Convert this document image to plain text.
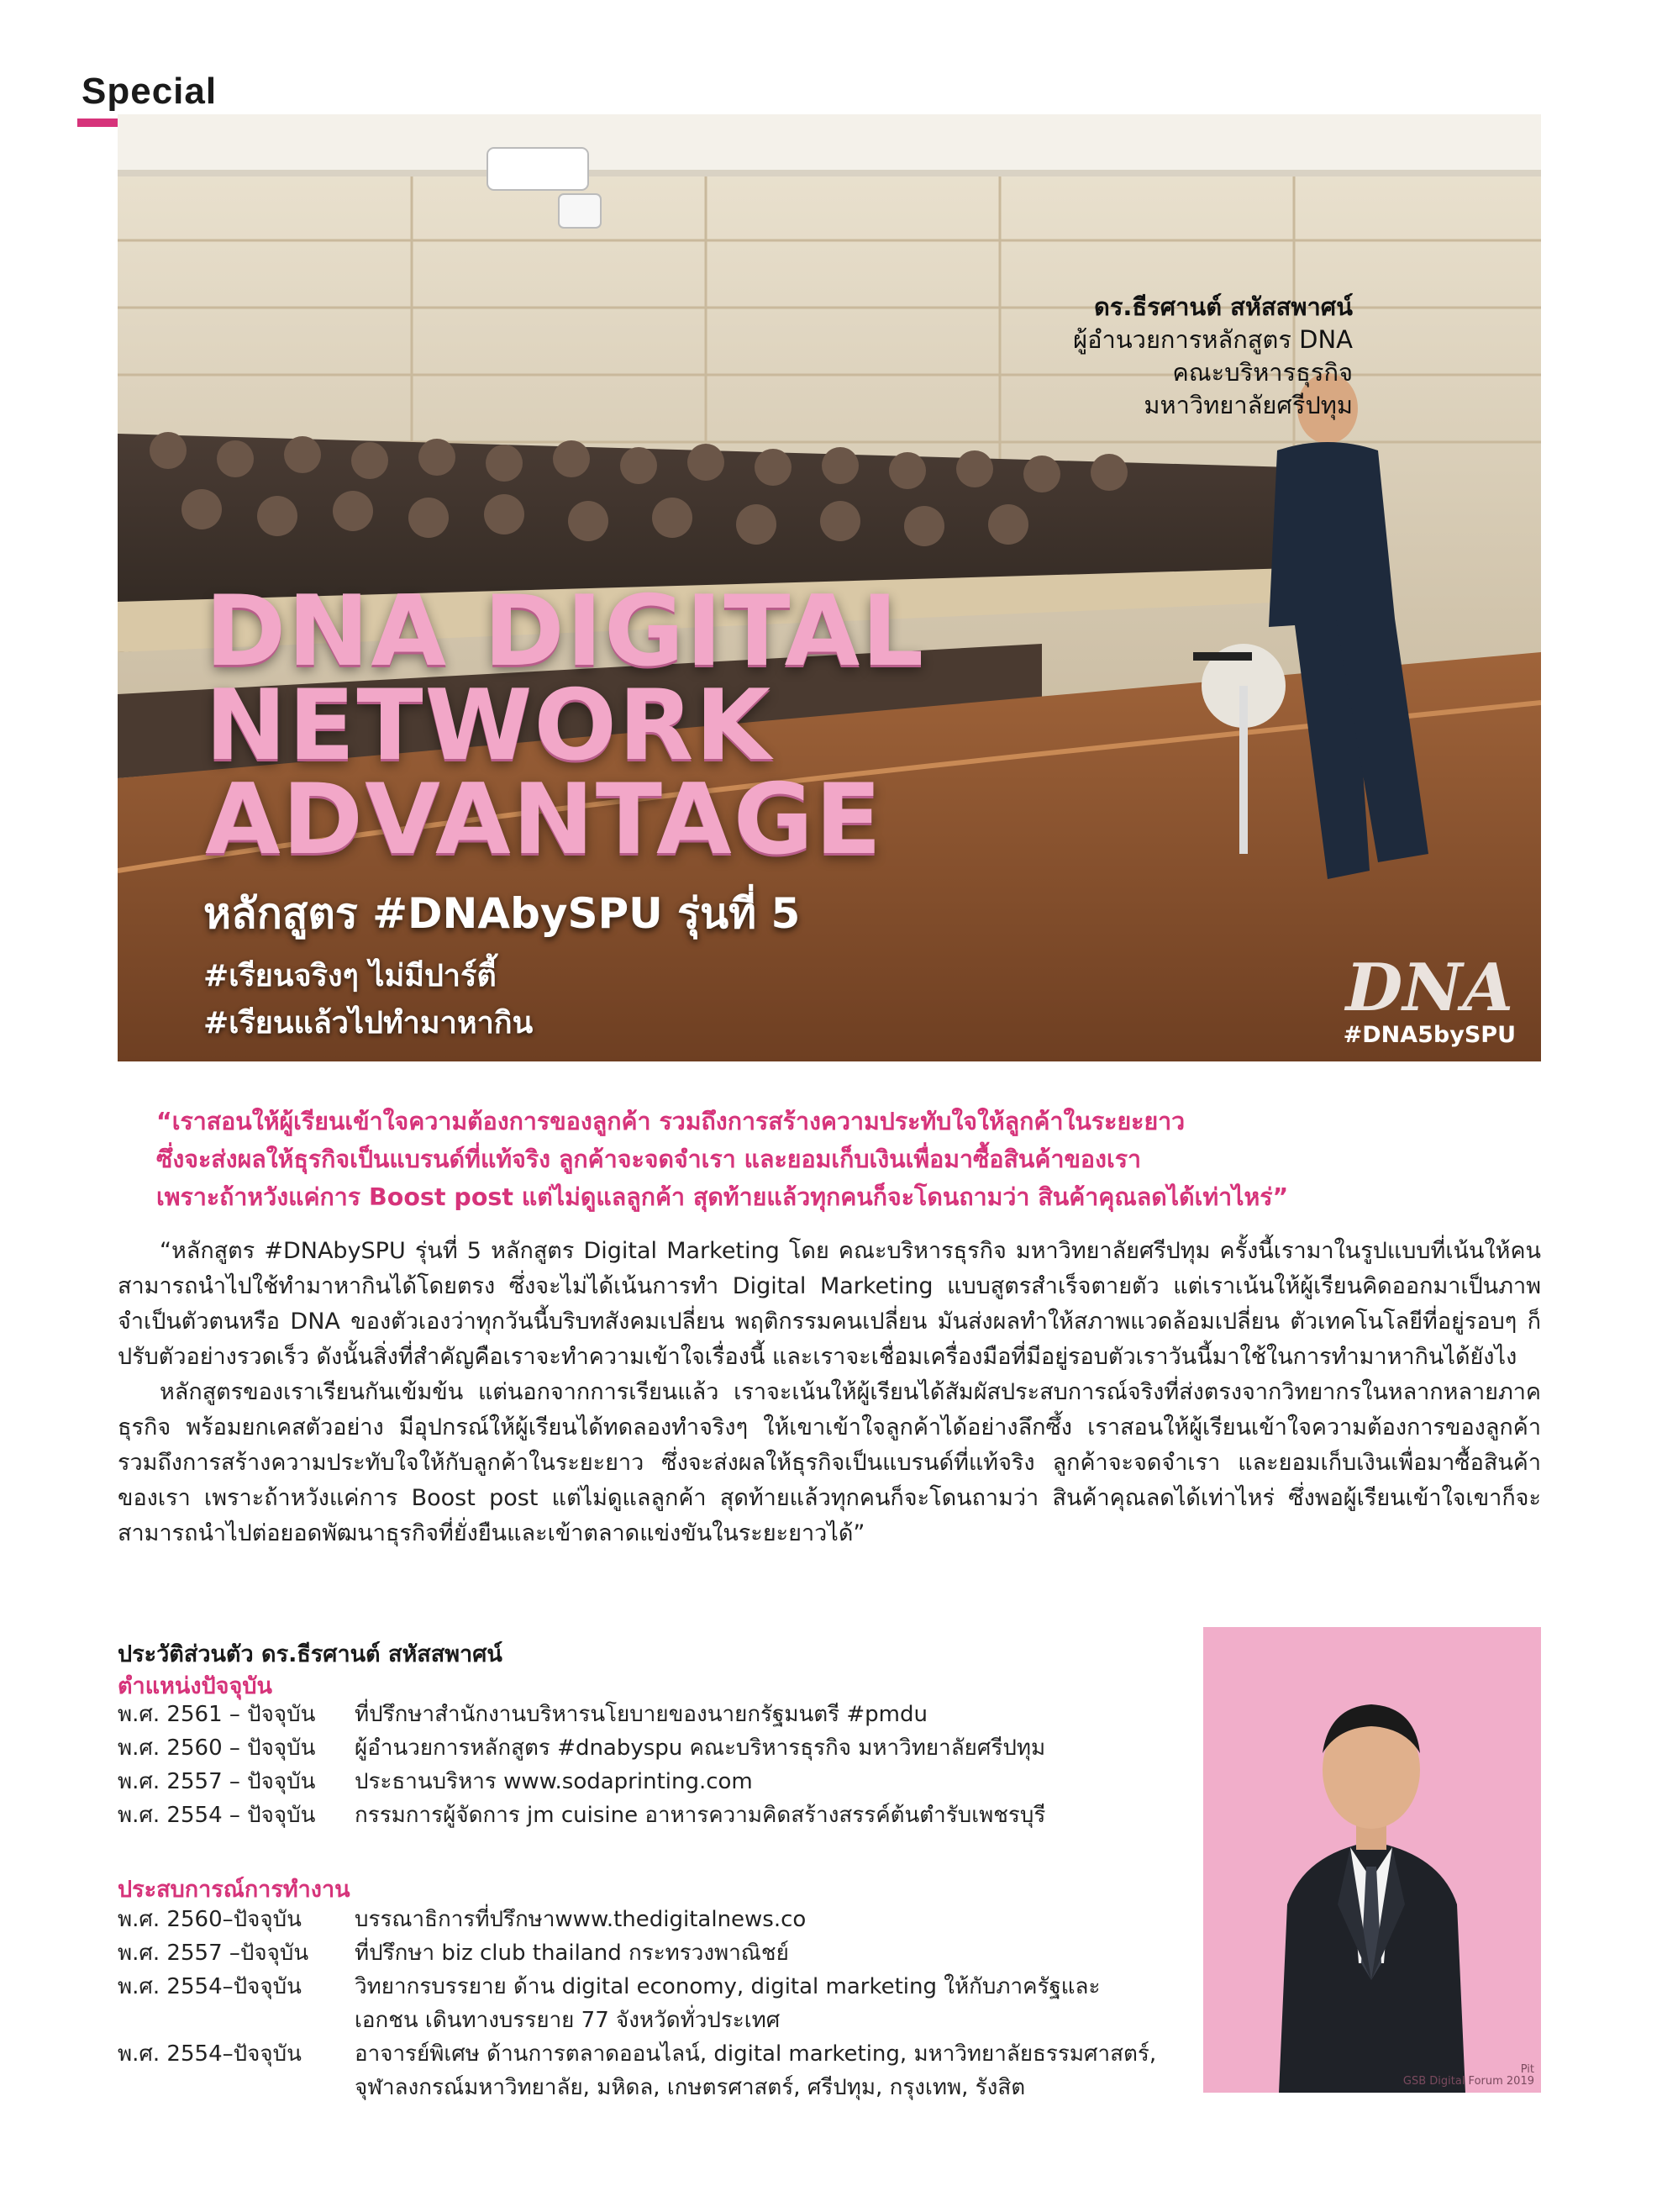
Special
ดร.ธีรศานต์ สหัสสพาศน์
ผู้อำนวยการหลักสูตร DNA
คณะบริหารธุรกิจ
มหาวิทยาลัยศรีปทุม
DNA DIGITAL
NETWORK
ADVANTAGE
หลักสูตร #DNAbySPU รุ่นที่ 5
#เรียนจริงๆ ไม่มีปาร์ตี้
#เรียนแล้วไปทำมาหากิน	DNA
#DNA5bySPU
“เราสอนให้ผู้เรียนเข้าใจความต้องการของลูกค้า รวมถึงการสร้างความประทับใจให้ลูกค้าในระยะยาว
ซึ่งจะส่งผลให้ธุรกิจเป็นแบรนด์ที่แท้จริง ลูกค้าจะจดจำเรา และยอมเก็บเงินเพื่อมาซื้อสินค้าของเรา
เพราะถ้าหวังแค่การ Boost post แต่ไม่ดูแลลูกค้า สุดท้ายแล้วทุกคนก็จะโดนถามว่า สินค้าคุณลดได้เท่าไหร่”

“หลักสูตร #DNAbySPU รุ่นที่ 5 หลักสูตร Digital Marketing โดย คณะบริหารธุรกิจ มหาวิทยาลัยศรีปทุม ครั้งนี้เรามาในรูปแบบที่เน้นให้คนสามารถนำไปใช้ทำมาหากินได้โดยตรง ซึ่งจะไม่ได้เน้นการทำ Digital Marketing แบบสูตรสำเร็จตายตัว แต่เราเน้นให้ผู้เรียนคิดออกมาเป็นภาพจำเป็นตัวตนหรือ DNA ของตัวเองว่าทุกวันนี้บริบทสังคมเปลี่ยน พฤติกรรมคนเปลี่ยน มันส่งผลทำให้สภาพแวดล้อมเปลี่ยน ตัวเทคโนโลยีที่อยู่รอบๆ ก็ปรับตัวอย่างรวดเร็ว ดังนั้นสิ่งที่สำคัญคือเราจะทำความเข้าใจเรื่องนี้ และเราจะเชื่อมเครื่องมือที่มีอยู่รอบตัวเราวันนี้มาใช้ในการทำมาหากินได้ยังไง

หลักสูตรของเราเรียนกันเข้มข้น แต่นอกจากการเรียนแล้ว เราจะเน้นให้ผู้เรียนได้สัมผัสประสบการณ์จริงที่ส่งตรงจากวิทยากรในหลากหลายภาคธุรกิจ พร้อมยกเคสตัวอย่าง มีอุปกรณ์ให้ผู้เรียนได้ทดลองทำจริงๆ ให้เขาเข้าใจลูกค้าได้อย่างลึกซึ้ง เราสอนให้ผู้เรียนเข้าใจความต้องการของลูกค้า รวมถึงการสร้างความประทับใจให้กับลูกค้าในระยะยาว ซึ่งจะส่งผลให้ธุรกิจเป็นแบรนด์ที่แท้จริง ลูกค้าจะจดจำเรา และยอมเก็บเงินเพื่อมาซื้อสินค้าของเรา เพราะถ้าหวังแค่การ Boost post แต่ไม่ดูแลลูกค้า สุดท้ายแล้วทุกคนก็จะโดนถามว่า สินค้าคุณลดได้เท่าไหร่ ซึ่งพอผู้เรียนเข้าใจเขาก็จะสามารถนำไปต่อยอดพัฒนาธุรกิจที่ยั่งยืนและเข้าตลาดแข่งขันในระยะยาวได้”

ประวัติส่วนตัว ดร.ธีรศานต์ สหัสสพาศน์
ตำแหน่งปัจจุบัน
พ.ศ. 2561 – ปัจจุบัน	ที่ปรึกษาสำนักงานบริหารนโยบายของนายกรัฐมนตรี #pmdu
พ.ศ. 2560 – ปัจจุบัน	ผู้อำนวยการหลักสูตร #dnabyspu คณะบริหารธุรกิจ มหาวิทยาลัยศรีปทุม
พ.ศ. 2557 – ปัจจุบัน	ประธานบริหาร www.sodaprinting.com
พ.ศ. 2554 – ปัจจุบัน	กรรมการผู้จัดการ jm cuisine อาหารความคิดสร้างสรรค์ต้นตำรับเพชรบุรี
ประสบการณ์การทำงาน
พ.ศ. 2560–ปัจจุบัน	บรรณาธิการที่ปรึกษาwww.thedigitalnews.co
พ.ศ. 2557 –ปัจจุบัน	ที่ปรึกษา biz club thailand กระทรวงพาณิชย์
พ.ศ. 2554–ปัจจุบัน	วิทยากรบรรยาย ด้าน digital economy, digital marketing ให้กับภาครัฐและเอกชน เดินทางบรรยาย 77 จังหวัดทั่วประเทศ
พ.ศ. 2554–ปัจจุบัน	อาจารย์พิเศษ ด้านการตลาดออนไลน์, digital marketing, มหาวิทยาลัยธรรมศาสตร์, จุฬาลงกรณ์มหาวิทยาลัย, มหิดล, เกษตรศาสตร์, ศรีปทุม, กรุงเทพ, รังสิต
Pit
GSB Digital Forum 2019
